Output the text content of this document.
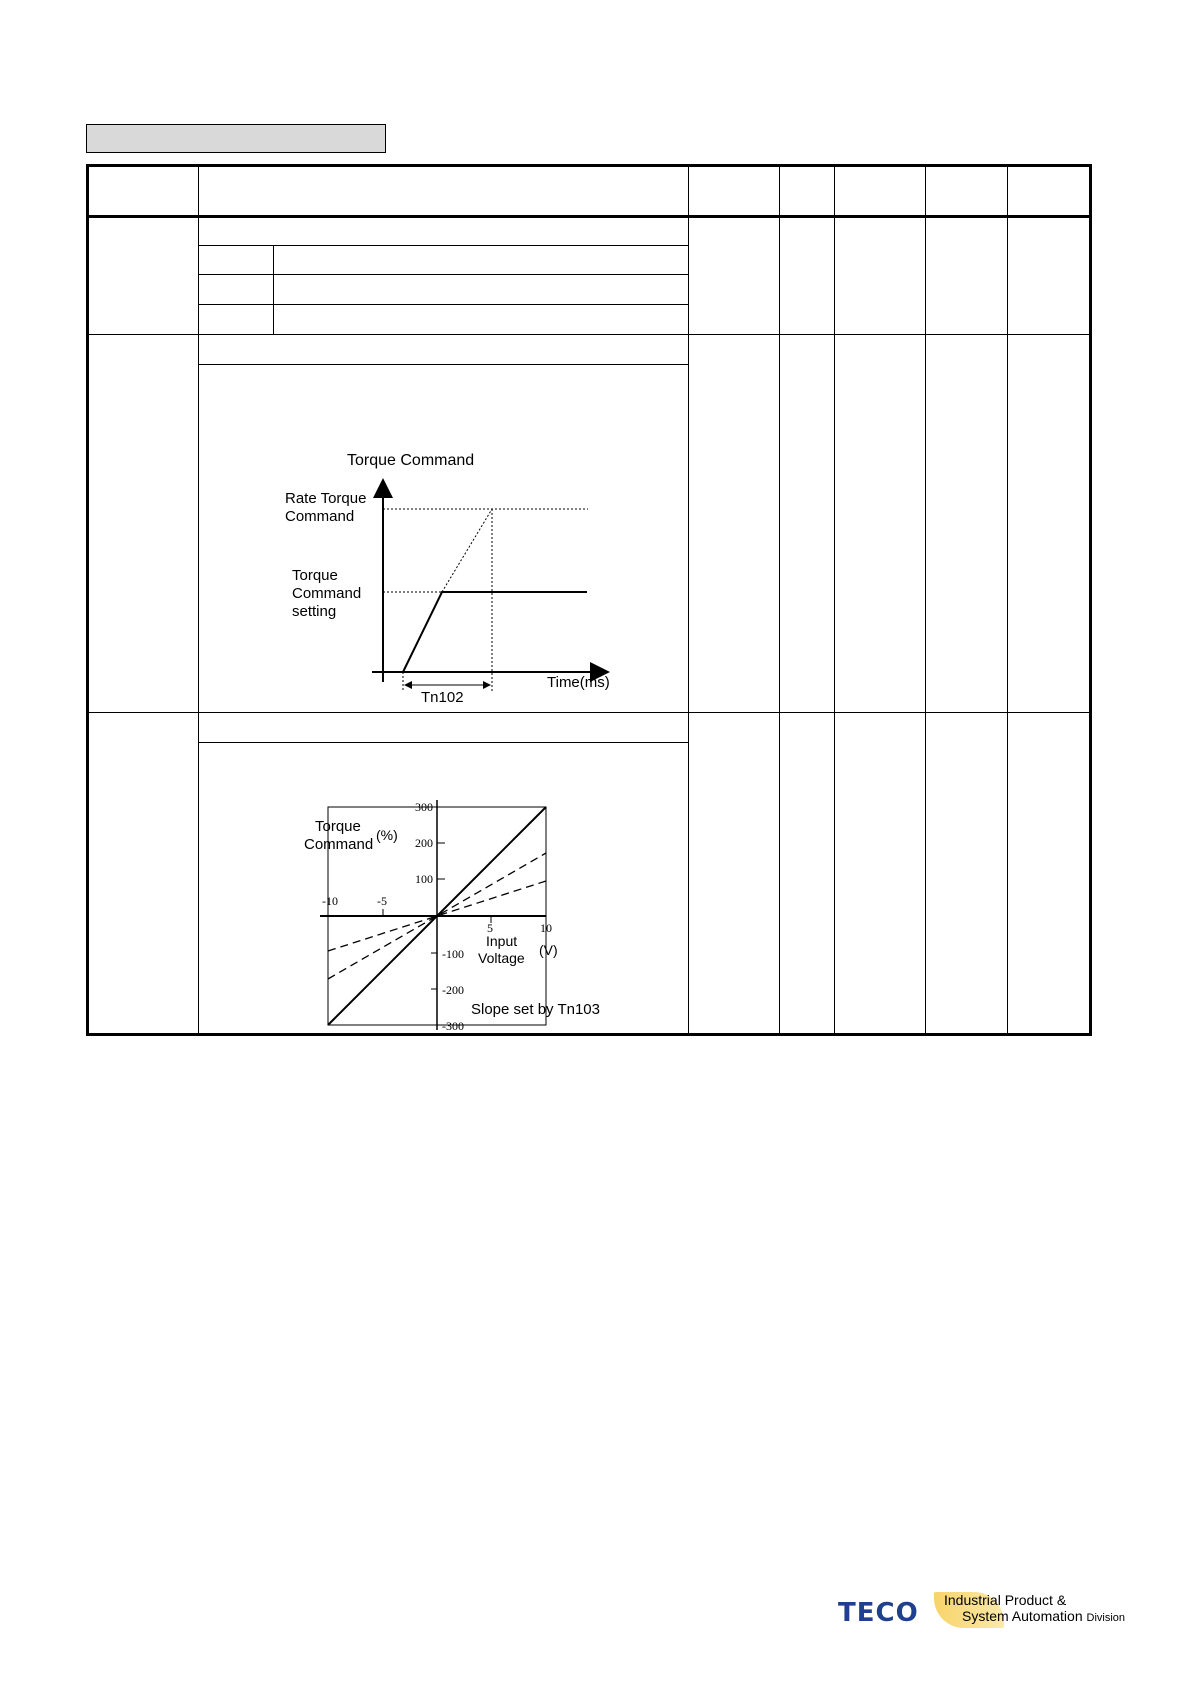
Torque Command
Rate Torque
Command
Torque
Command
setting
Tn102
Time(ms)
Torque
Command
(%)
300
200
100
-100
-200
-300
-10	-5
5	10
Input
Voltage (V)
Slope set by Tn103
TECO Industrial Product &
System Automation Division
